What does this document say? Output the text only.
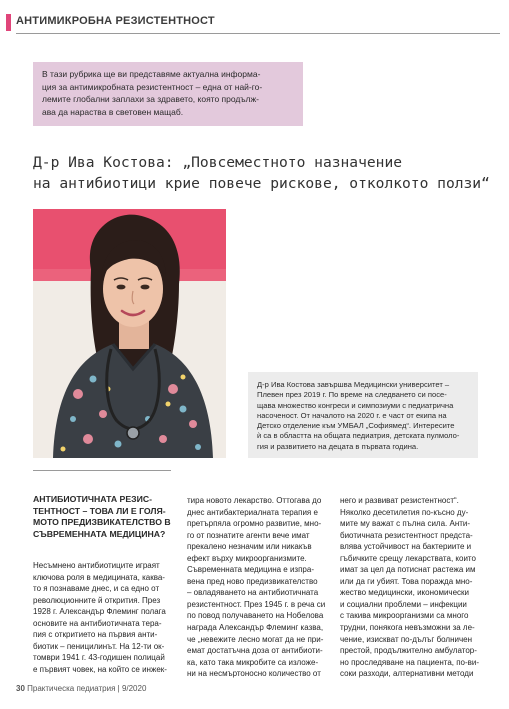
АНТИМИКРОБНА РЕЗИСТЕНТНОСТ
В тази рубрика ще ви представяме актуална информа-
ция за антимикробната резистентност – една от най-го-
лемите глобални заплахи за здравето, която продълж-
ава да нараства в световен мащаб.
Д-р Ива Костова: „Повсеместното назначение
на антибиотици крие повече рискове, отколкото ползи“
Д-р Ива Костова завършва Медицински университет –
Плевен през 2019 г. По време на следването си посе-
щава множество конгреси и симпозиуми с педиатрична
насоченост. От началото на 2020 г. е част от екипа на
Детско отделение към УМБАЛ „Софиямед“. Интересите
ѝ са в областта на общата педиатрия, детската пулмоло-
гия и развитието на децата в първата година.
АНТИБИОТИЧНАТА РЕЗИС-
ТЕНТНОСТ – ТОВА ЛИ Е ГОЛЯ-
МОТО ПРЕДИЗВИКАТЕЛСТВО В
СЪВРЕМЕННАТА МЕДИЦИНА?
Несъмнено антибиотиците играят
ключова роля в медицината, каква-
то я познаваме днес, и са едно от
революционните й открития. През
1928 г. Александър Флеминг полага
основите на антибиотичната тера-
пия с откритието на първия анти-
биотик – пеницилинът. На 12-ти ок-
томври 1941 г. 43-годишен полицай
е първият човек, на който се инжек-
тира новото лекарство. Оттогава до
днес антибактериалната терапия е
претърпяла огромно развитие, мно-
го от познатите агенти вече имат
прекалено незначим или никакъв
ефект върху микроорганизмите.
Съвременната медицина е изпра-
вена пред ново предизвикателство
– овладяването на антибиотичната
резистентност. През 1945 г. в реча си
по повод получаването на Нобелова
награда Александър Флеминг казва,
че „невежите лесно могат да не при-
емат достатъчна доза от антибиоти-
ка, като така микробите са изложе-
ни на несмъртоносно количество от
него и развиват резистентност“.
Няколко десетилетия по-късно ду-
мите му важат с пълна сила. Анти-
биотичната резистентност предста-
влява устойчивост на бактериите и
гъбичките срещу лекарствата, които
имат за цел да потиснат растежа им
или да ги убият. Това поражда мно-
жество медицински, икономически
и социални проблеми – инфекции
с такива микроорганизми са много
трудни, понякога невъзможни за ле-
чение, изискват по-дълъг болничен
престой, продължително амбулатор-
но проследяване на пациента, по-ви-
соки разходи, алтернативни методи
30 Практическа педиатрия | 9/2020
